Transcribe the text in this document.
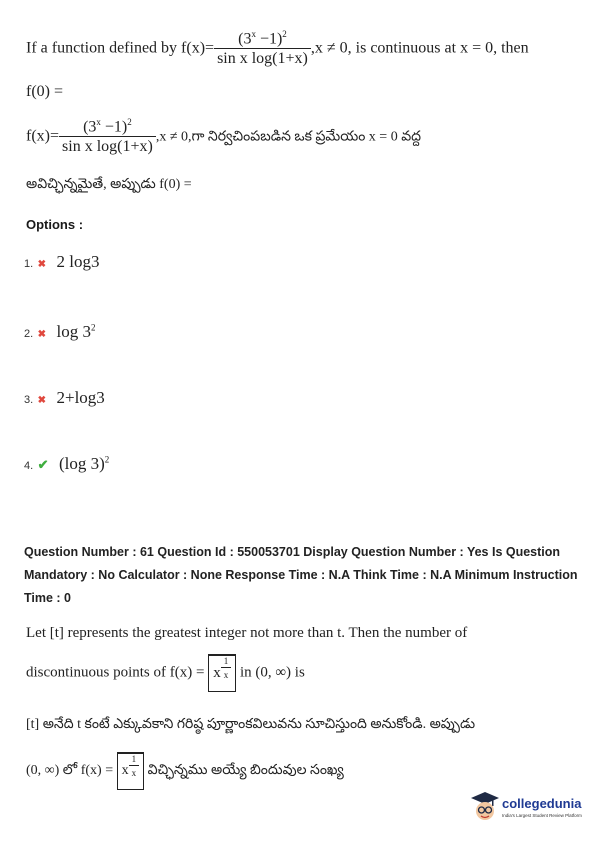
If a function defined by $f(x)= \frac{(3^x -1)^2}{\text{sin x log(1+x)}} ,x \ne 0$, is continuous at x = 0, then
f(0) =
$f(x)= \frac{(3^x -1)^2}{\text{sin x log(1+x)}} ,x$ ≠ 0,గా నిర్వచింపబడిన ఒక ప్రమేయం x = 0 వద్ద
అవిచ్ఛిన్నమైతే, అప్పుడు f(0) =
Options :
1. ✖ 2 log3
2. ✖ $\log 3^2$
3. ✖ 2+log3
4. ✔ (log 3)$^2$
Question Number : 61 Question Id : 550053701 Display Question Number : Yes Is Question
Mandatory : No Calculator : None Response Time : N.A Think Time : N.A Minimum Instruction
Time : 0
Let [t] represents the greatest integer not more than t. Then the number of
discontinuous points of f(x) = x $\frac{1}{x}$ in (0, ∞) is
[t] అనేది t కంటే ఎక్కువకాని గరిష్ఠ పూర్ణాంకవిలువను సూచిస్తుంది అనుకోండి. అప్పుడు
(0, ∞) లో f(x) = x $\frac{1}{x}$ విచ్ఛిన్నము అయ్యే బిందువుల సంఖ్య
collegedunia
India's Largest Student Review Platform
